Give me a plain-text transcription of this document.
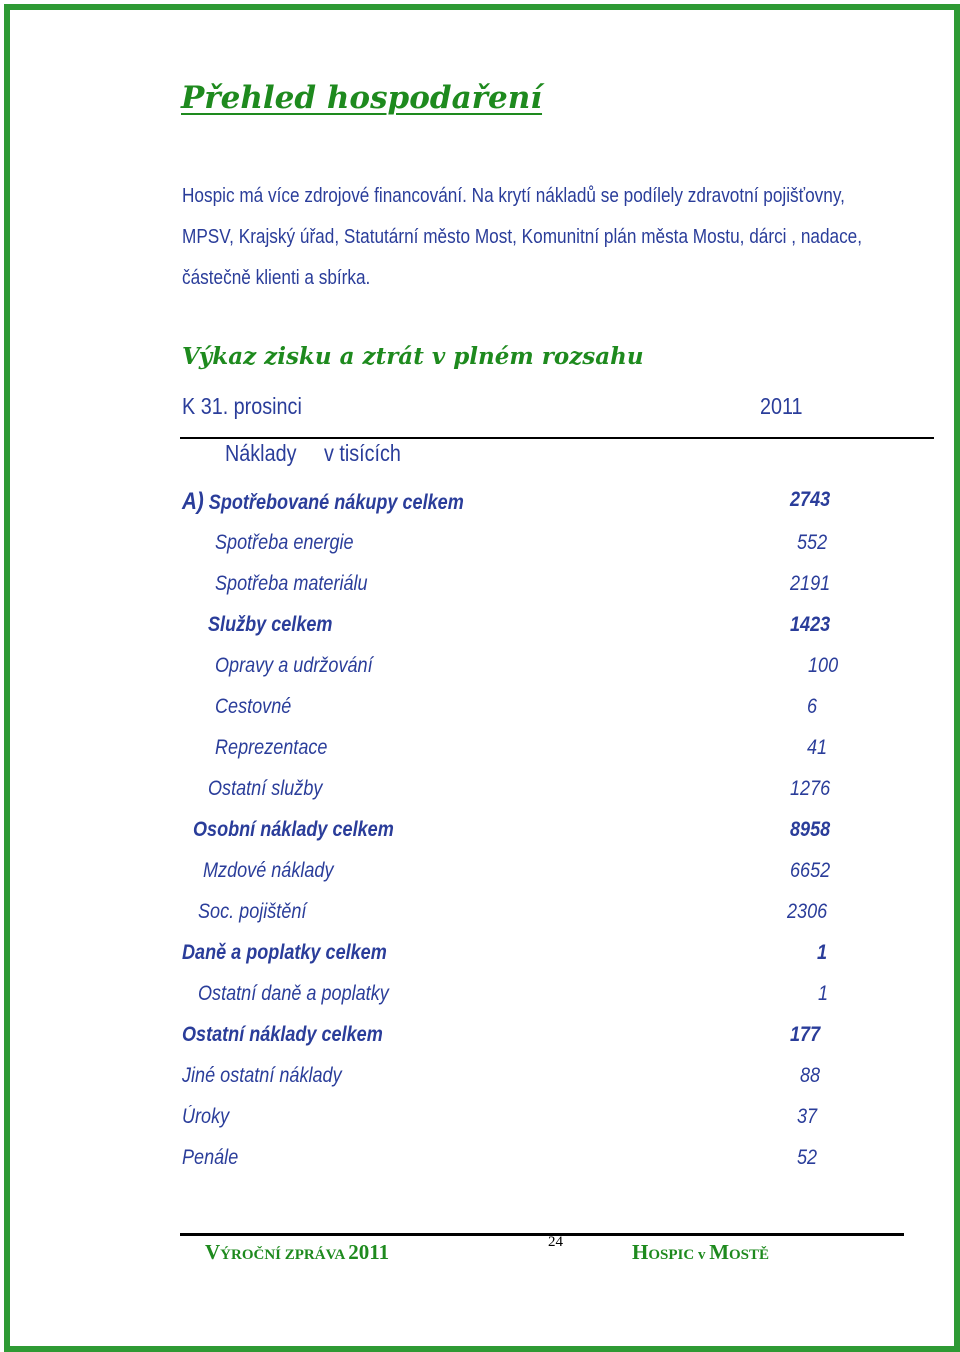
Přehled hospodaření
Hospic má více zdrojové financování. Na krytí nákladů se podílely zdravotní pojišťovny,
MPSV, Krajský úřad, Statutární město Most, Komunitní plán města Mostu, dárci , nadace,
částečně klienti a sbírka.
Výkaz zisku a ztrát v plném rozsahu
K 31. prosinci	2011
Náklady     v tisících
A) Spotřebované nákupy celkem	2743
Spotřeba energie	552
Spotřeba materiálu	2191
Služby celkem	1423
Opravy a udržování	100
Cestovné	6
Reprezentace	41
Ostatní služby	1276
Osobní náklady celkem	8958
Mzdové náklady	6652
Soc. pojištění	2306
Daně a poplatky celkem	1
Ostatní daně a poplatky	1
Ostatní náklady celkem	177
Jiné ostatní náklady	88
Úroky	37
Penále	52
VÝROČNÍ ZPRÁVA 2011	24	HOSPIC v MOSTĚ
